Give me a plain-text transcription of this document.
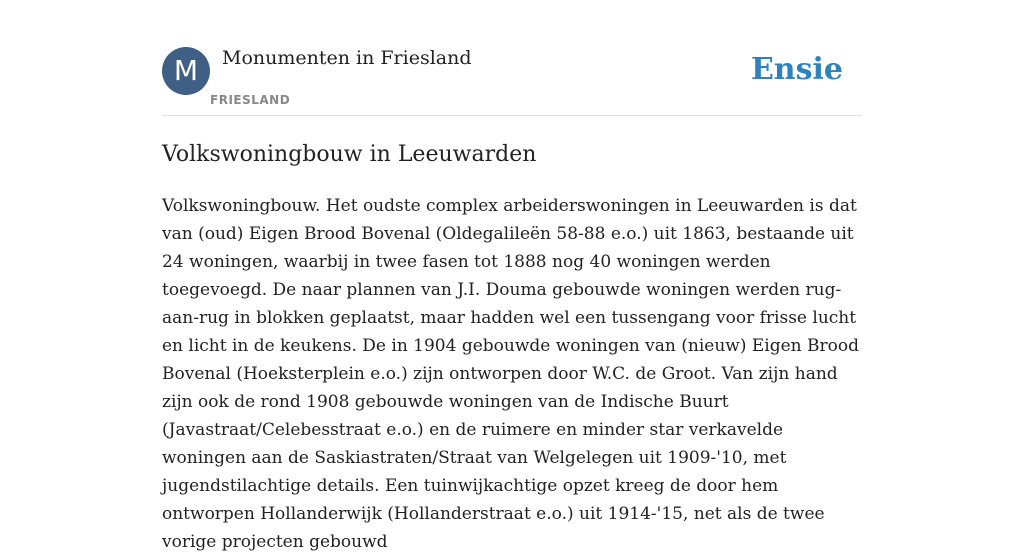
M	Monumenten in Friesland
FRIESLAND
Ensie
Volkswoningbouw in Leeuwarden

Volkswoningbouw. Het oudste complex arbeiderswoningen in Leeuwarden is dat van (oud) Eigen Brood Bovenal (Oldegalileën 58-88 e.o.) uit 1863, bestaande uit 24 woningen, waarbij in twee fasen tot 1888 nog 40 woningen werden toegevoegd. De naar plannen van J.I. Douma gebouwde woningen werden rug-aan-rug in blokken geplaatst, maar hadden wel een tussengang voor frisse lucht en licht in de keukens. De in 1904 gebouwde woningen van (nieuw) Eigen Brood Bovenal (Hoeksterplein e.o.) zijn ontworpen door W.C. de Groot. Van zijn hand zijn ook de rond 1908 gebouwde woningen van de Indische Buurt (Javastraat/Celebesstraat e.o.) en de ruimere en minder star verkavelde woningen aan de Saskiastraten/Straat van Welgelegen uit 1909-'10, met jugendstilachtige details. Een tuinwijkachtige opzet kreeg de door hem ontworpen Hollanderwijk (Hollanderstraat e.o.) uit 1914-'15, net als de twee vorige projecten gebouwd
